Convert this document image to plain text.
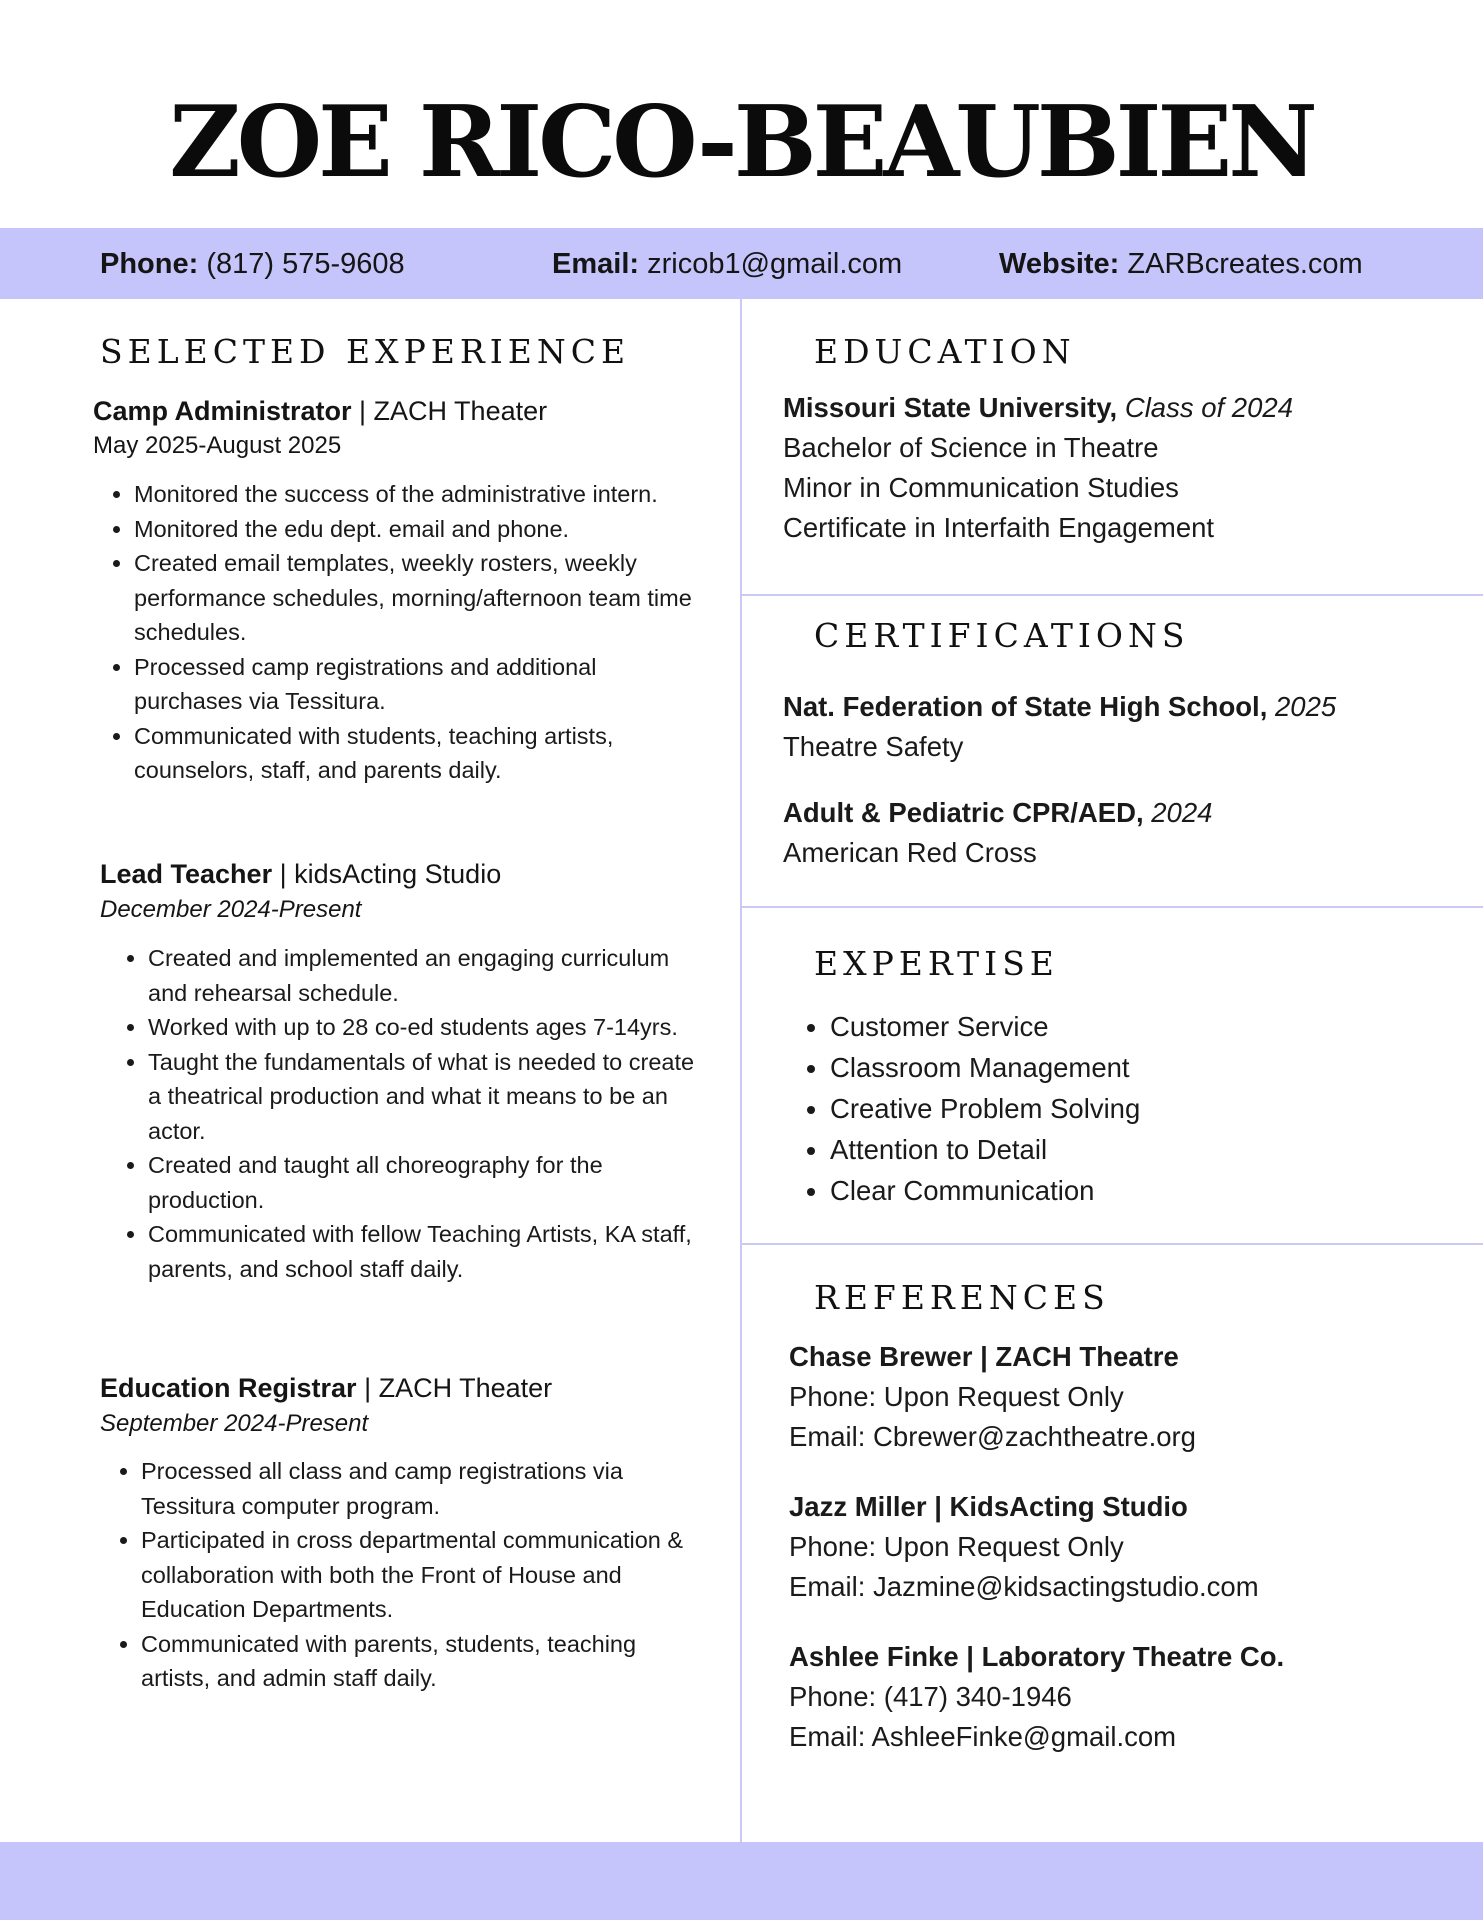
ZOE RICO-BEAUBIEN
Phone: (817) 575-9608	Email: zricob1@gmail.com	Website: ZARBcreates.com
SELECTED EXPERIENCE
Camp Administrator | ZACH Theater
May 2025-August 2025
• Monitored the success of the administrative intern.
• Monitored the edu dept. email and phone.
• Created email templates, weekly rosters, weekly performance schedules, morning/afternoon team time schedules.
• Processed camp registrations and additional purchases via Tessitura.
• Communicated with students, teaching artists, counselors, staff, and parents daily.
Lead Teacher | kidsActing Studio
December 2024-Present
• Created and implemented an engaging curriculum and rehearsal schedule.
• Worked with up to 28 co-ed students ages 7-14yrs.
• Taught the fundamentals of what is needed to create a theatrical production and what it means to be an actor.
• Created and taught all choreography for the production.
• Communicated with fellow Teaching Artists, KA staff, parents, and school staff daily.
Education Registrar | ZACH Theater
September 2024-Present
• Processed all class and camp registrations via Tessitura computer program.
• Participated in cross departmental communication & collaboration with both the Front of House and Education Departments.
• Communicated with parents, students, teaching artists, and admin staff daily.
EDUCATION
Missouri State University, Class of 2024
Bachelor of Science in Theatre
Minor in Communication Studies
Certificate in Interfaith Engagement
CERTIFICATIONS
Nat. Federation of State High School, 2025
Theatre Safety
Adult & Pediatric CPR/AED, 2024
American Red Cross
EXPERTISE
• Customer Service
• Classroom Management
• Creative Problem Solving
• Attention to Detail
• Clear Communication
REFERENCES
Chase Brewer | ZACH Theatre
Phone: Upon Request Only
Email: Cbrewer@zachtheatre.org
Jazz Miller | KidsActing Studio
Phone: Upon Request Only
Email: Jazmine@kidsactingstudio.com
Ashlee Finke | Laboratory Theatre Co.
Phone: (417) 340-1946
Email: AshleeFinke@gmail.com
